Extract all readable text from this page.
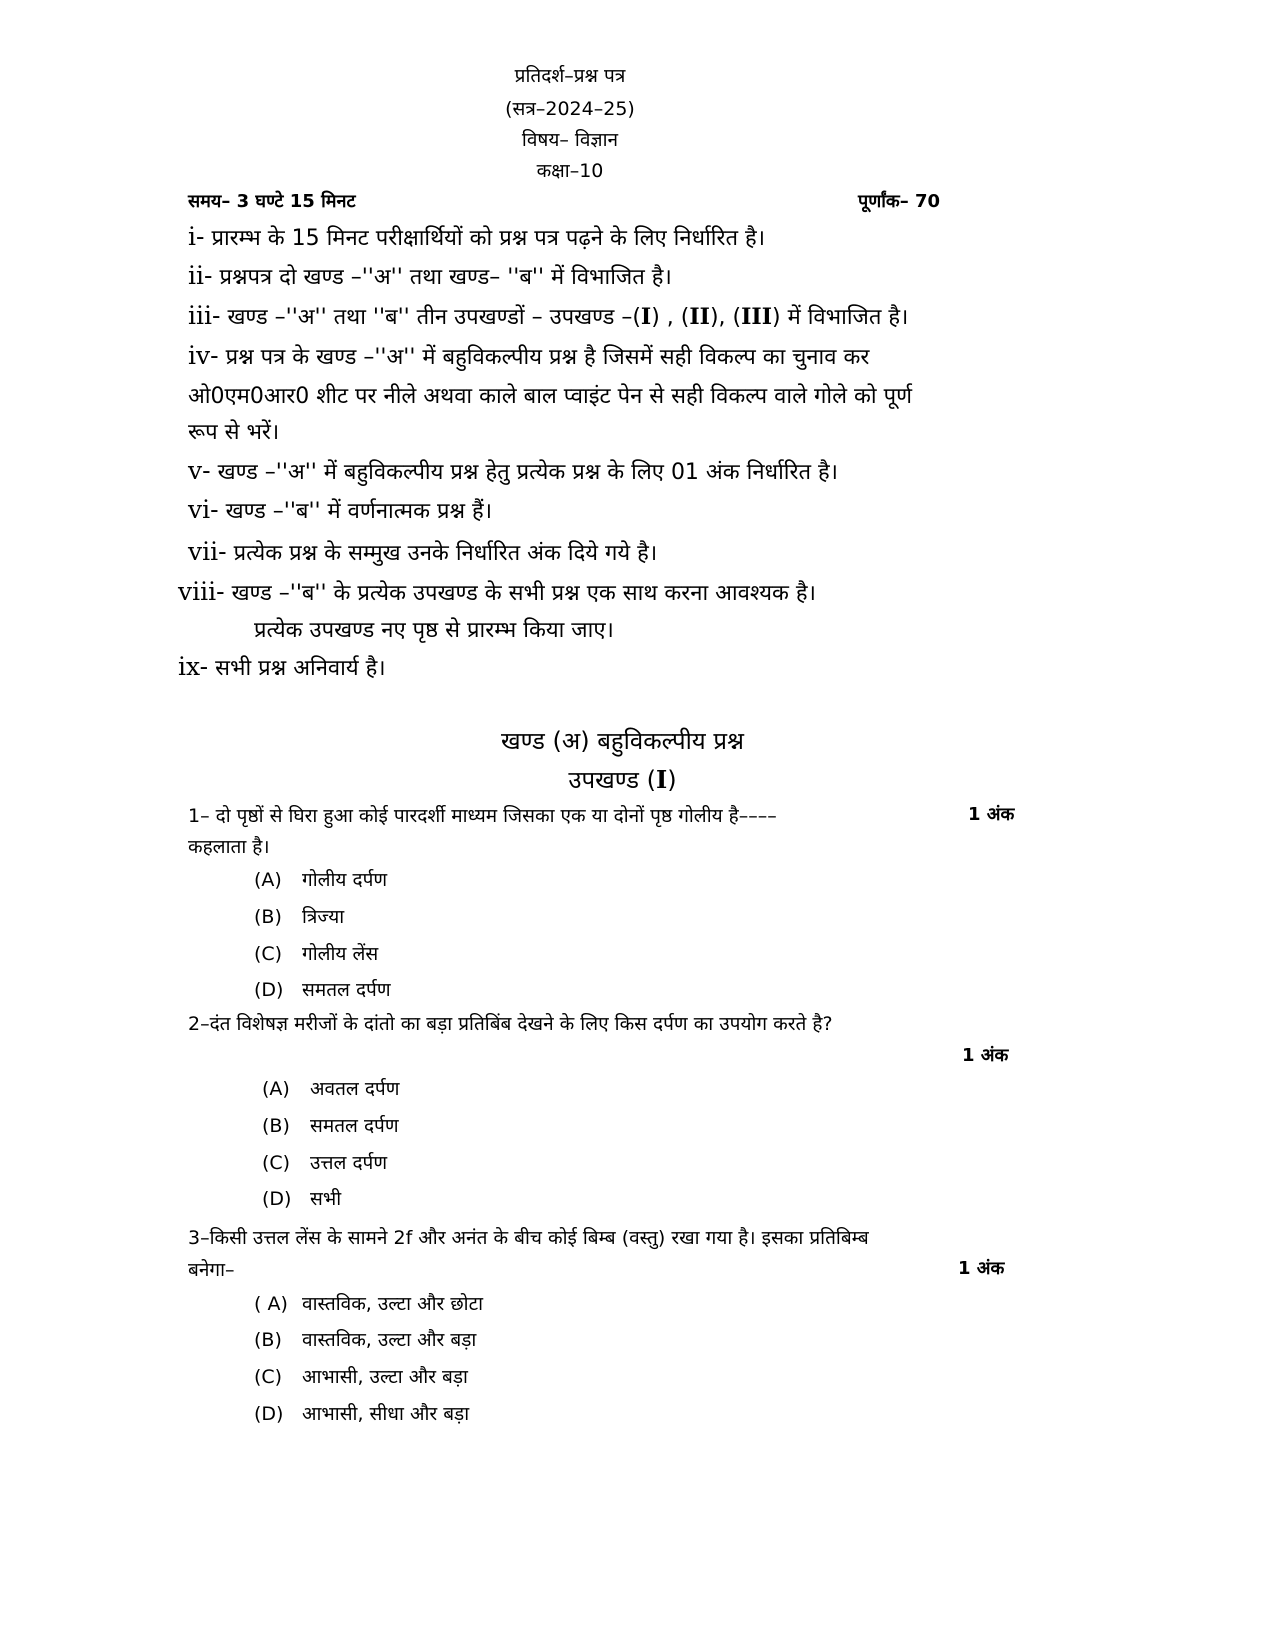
प्रतिदर्श–प्रश्न पत्र
(सत्र–2024–25)
विषय– विज्ञान
कक्षा–10
समय– 3 घण्टे 15 मिनट	पूर्णांक– 70
i- प्रारम्भ के 15 मिनट परीक्षार्थियों को प्रश्न पत्र पढ़ने के लिए निर्धारित है।
ii- प्रश्नपत्र दो खण्ड –''अ'' तथा खण्ड– ''ब'' में विभाजित है।
iii- खण्ड –''अ'' तथा ''ब'' तीन उपखण्डों – उपखण्ड –(I) , (II), (III) में विभाजित है।
iv- प्रश्न पत्र के खण्ड –''अ'' में बहुविकल्पीय प्रश्न है जिसमें सही विकल्प का चुनाव कर
ओ0एम0आर0 शीट पर नीले अथवा काले बाल प्वाइंट पेन से सही विकल्प वाले गोले को पूर्ण
रूप से भरें।
v- खण्ड –''अ'' में बहुविकल्पीय प्रश्न हेतु प्रत्येक प्रश्न के लिए 01 अंक निर्धारित है।
vi- खण्ड –''ब'' में वर्णनात्मक प्रश्न हैं।
vii- प्रत्येक प्रश्न के सम्मुख उनके निर्धारित अंक दिये गये है।
viii- खण्ड –''ब'' के प्रत्येक उपखण्ड के सभी प्रश्न एक साथ करना आवश्यक है।
प्रत्येक उपखण्ड नए पृष्ठ से प्रारम्भ किया जाए।
ix- सभी प्रश्न अनिवार्य है।
खण्ड (अ) बहुविकल्पीय प्रश्न
उपखण्ड (I)
1– दो पृष्ठों से घिरा हुआ कोई पारदर्शी माध्यम जिसका एक या दोनों पृष्ठ गोलीय है––––	1 अंक
कहलाता है।
(A) गोलीय दर्पण
(B) त्रिज्या
(C) गोलीय लेंस
(D) समतल दर्पण
2–दंत विशेषज्ञ मरीजों के दांतो का बड़ा प्रतिबिंब देखने के लिए किस दर्पण का उपयोग करते है?
1 अंक
(A) अवतल दर्पण
(B) समतल दर्पण
(C) उत्तल दर्पण
(D) सभी
3–किसी उत्तल लेंस के सामने 2f और अनंत के बीच कोई बिम्ब (वस्तु) रखा गया है। इसका प्रतिबिम्ब
बनेगा–	1 अंक
( A) वास्तविक, उल्टा और छोटा
(B) वास्तविक, उल्टा और बड़ा
(C) आभासी, उल्टा और बड़ा
(D) आभासी, सीधा और बड़ा
